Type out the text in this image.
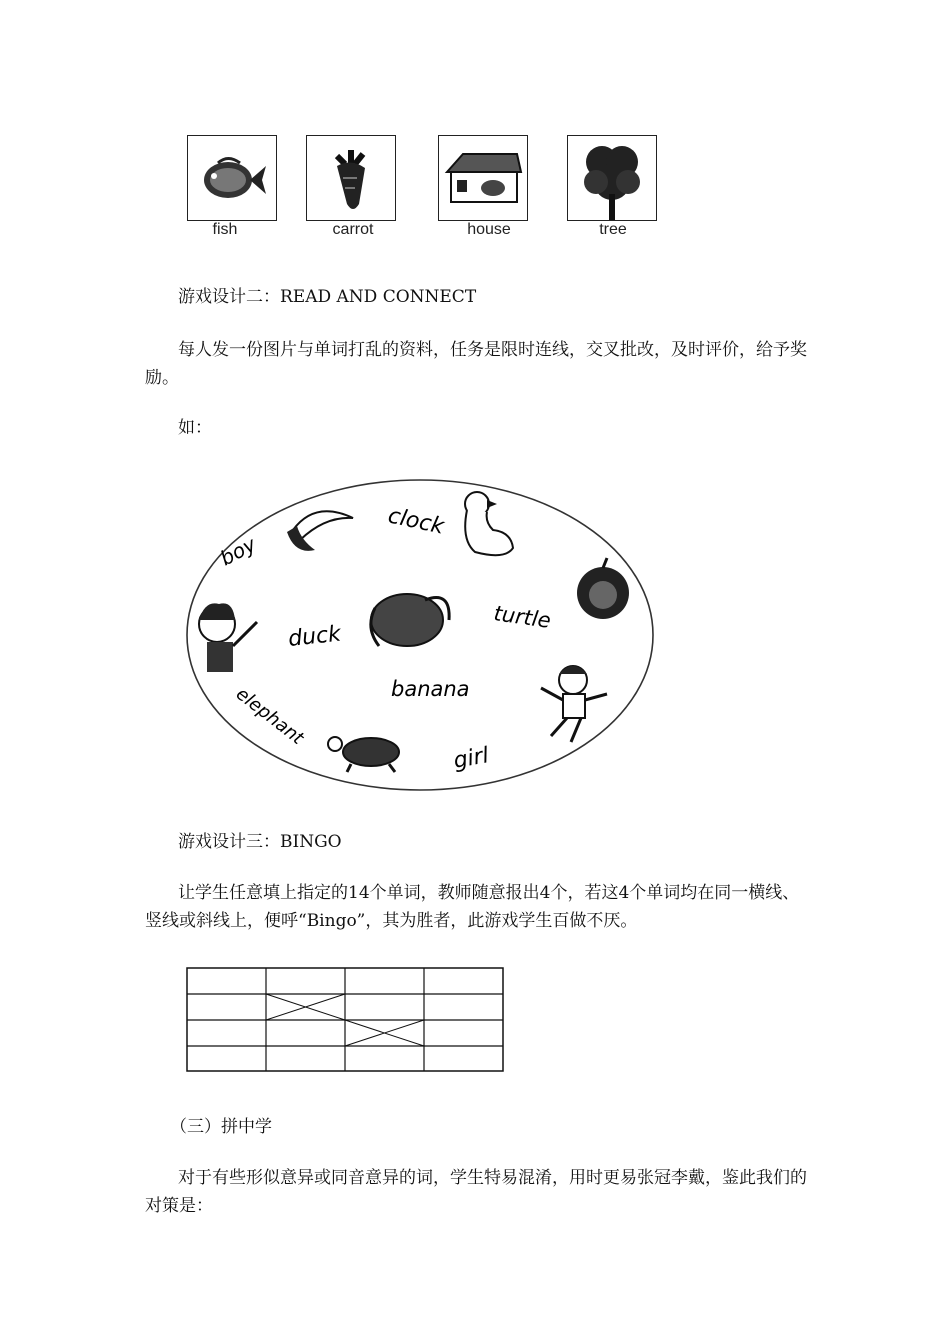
fish	carrot	house	tree
游戏设计二：READ AND CONNECT
每人发一份图片与单词打乱的资料，任务是限时连线，交叉批改，及时评价，给予奖励。
如：
boy
clock
duck
turtle
banana
elephant
girl
游戏设计三：BINGO
让学生任意填上指定的14个单词，教师随意报出4个，若这4个单词均在同一横线、竖线或斜线上，便呼“Bingo”，其为胜者，此游戏学生百做不厌。
（三）拼中学
对于有些形似意异或同音意异的词，学生特易混淆，用时更易张冠李戴，鉴此我们的对策是：
